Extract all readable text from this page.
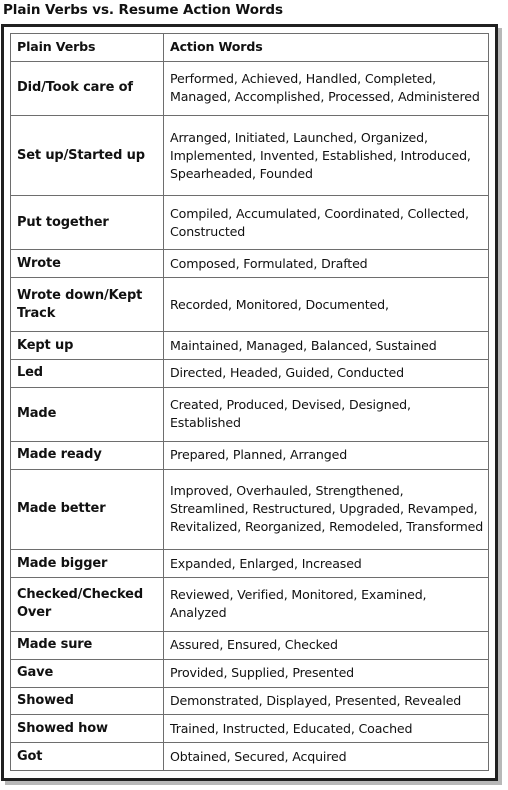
Plain Verbs vs. Resume Action Words
Plain Verbs	Action Words
Did/Took care of	Performed, Achieved, Handled, Completed, Managed, Accomplished, Processed, Administered
Set up/Started up	Arranged, Initiated, Launched, Organized, Implemented, Invented, Established, Introduced, Spearheaded, Founded
Put together	Compiled, Accumulated, Coordinated, Collected, Constructed
Wrote	Composed, Formulated, Drafted
Wrote down/Kept Track	Recorded, Monitored, Documented,
Kept up	Maintained, Managed, Balanced, Sustained
Led	Directed, Headed, Guided, Conducted
Made	Created, Produced, Devised, Designed, Established
Made ready	Prepared, Planned, Arranged
Made better	Improved, Overhauled, Strengthened, Streamlined, Restructured, Upgraded, Revamped, Revitalized, Reorganized, Remodeled, Transformed
Made bigger	Expanded, Enlarged, Increased
Checked/Checked Over	Reviewed, Verified, Monitored, Examined, Analyzed
Made sure	Assured, Ensured, Checked
Gave	Provided, Supplied, Presented
Showed	Demonstrated, Displayed, Presented, Revealed
Showed how	Trained, Instructed, Educated, Coached
Got	Obtained, Secured, Acquired
